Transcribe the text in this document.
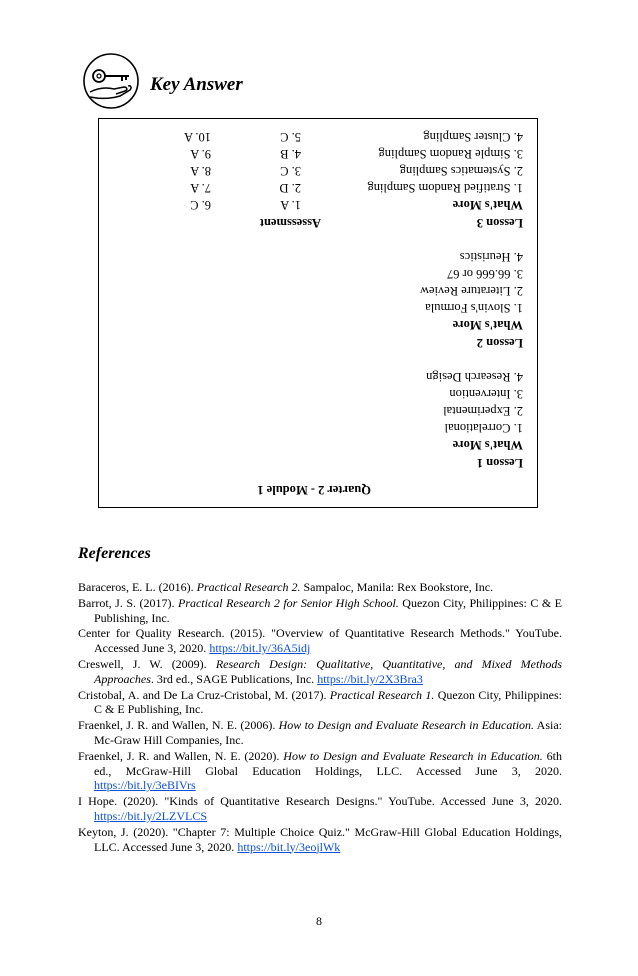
Key Answer
Quarter 2 - Module 1
Lesson 1
What's More
1. Correlational
2. Experimental
3. Intervention
4. Research Design
Lesson 2
What's More
1. Slovin's Formula
2. Literature Review
3. 66.666 or 67
4. Heuristics
Lesson 3
What's More
1. Stratified Random Sampling
2. Systematics Sampling
3. Simple Random Sampling
4. Cluster Sampling
Assessment
1. A
2. D
3. C
4. B
5. C
6. C
7. A
8. A
9. A
10. A
References

Baraceros, E. L. (2016). Practical Research 2. Sampaloc, Manila: Rex Bookstore, Inc.

Barrot, J. S. (2017). Practical Research 2 for Senior High School. Quezon City, Philippines: C & E Publishing, Inc.

Center for Quality Research. (2015). "Overview of Quantitative Research Methods." YouTube. Accessed June 3, 2020. https://bit.ly/36A5idj

Creswell, J. W. (2009). Research Design: Qualitative, Quantitative, and Mixed Methods Approaches. 3rd ed., SAGE Publications, Inc. https://bit.ly/2X3Bra3

Cristobal, A. and De La Cruz-Cristobal, M. (2017). Practical Research 1. Quezon City, Philippines: C & E Publishing, Inc.

Fraenkel, J. R. and Wallen, N. E. (2006). How to Design and Evaluate Research in Education. Asia: Mc-Graw Hill Companies, Inc.

Fraenkel, J. R. and Wallen, N. E. (2020). How to Design and Evaluate Research in Education. 6th ed., McGraw-Hill Global Education Holdings, LLC. Accessed June 3, 2020. https://bit.ly/3eBIVrs

I Hope. (2020). "Kinds of Quantitative Research Designs." YouTube. Accessed June 3, 2020. https://bit.ly/2LZVLCS

Keyton, J. (2020). "Chapter 7: Multiple Choice Quiz." McGraw-Hill Global Education Holdings, LLC. Accessed June 3, 2020. https://bit.ly/3eojlWk

8
